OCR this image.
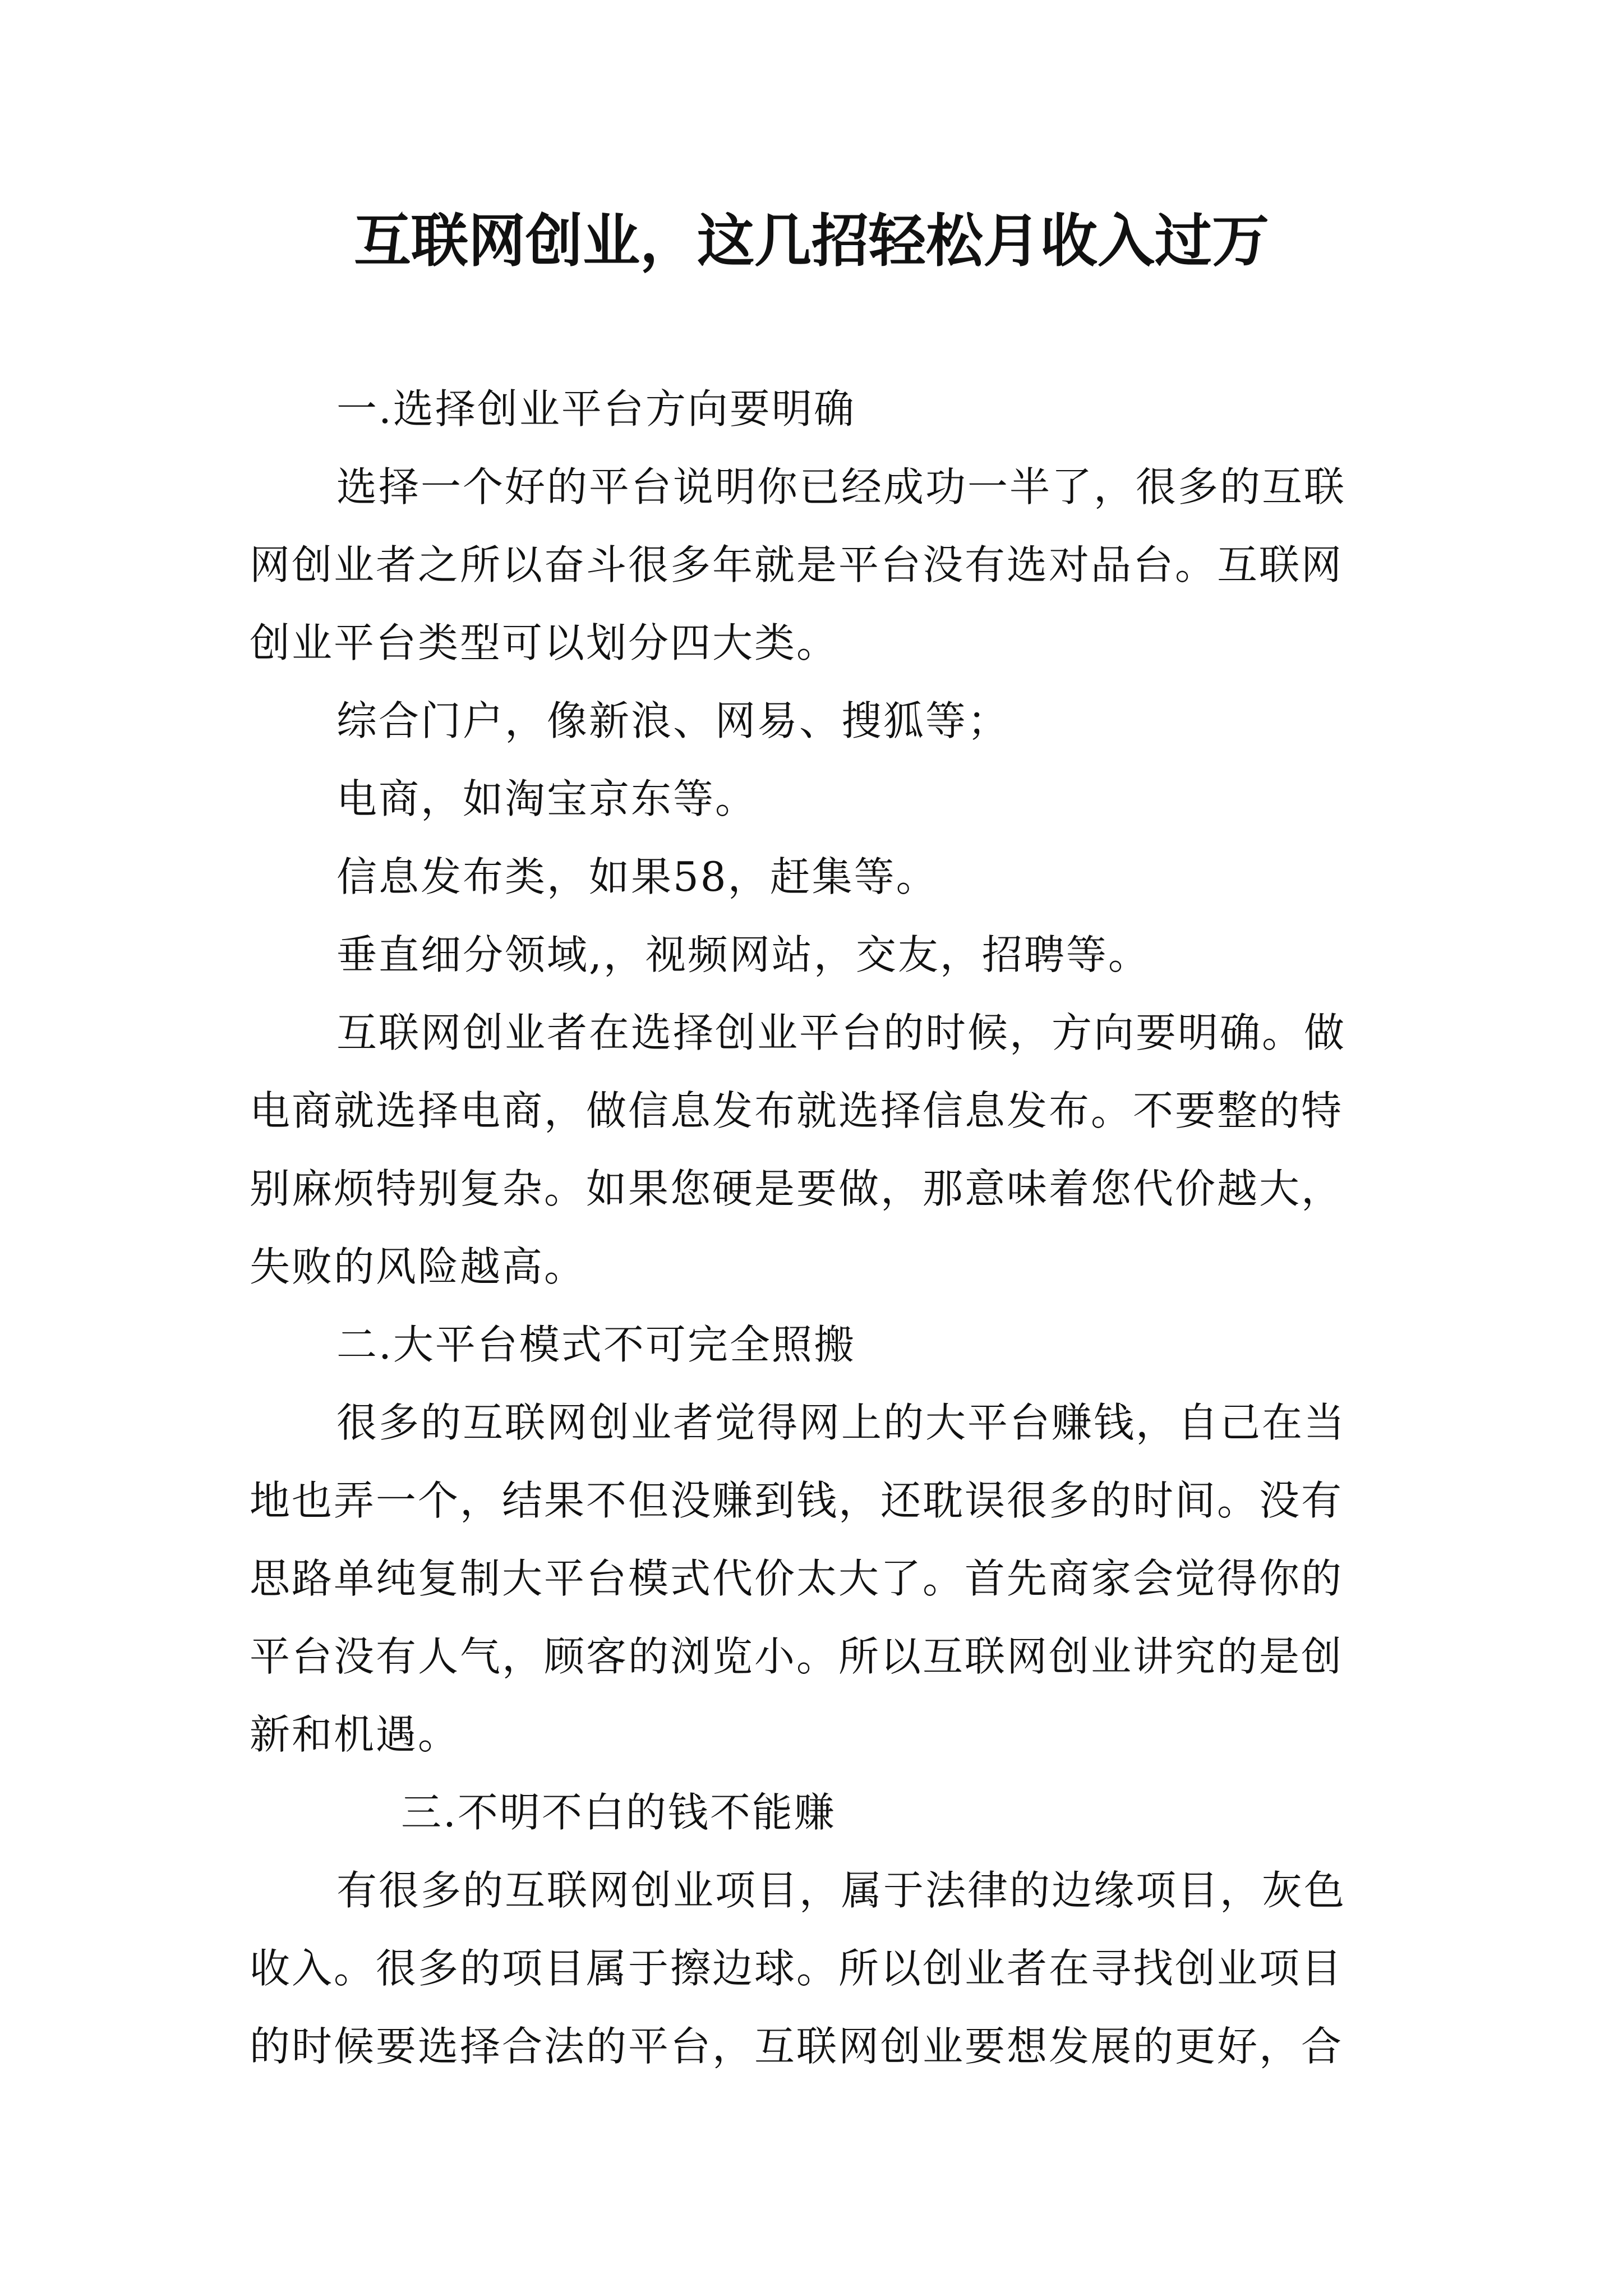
互联网创业，这几招轻松月收入过万
一.选择创业平台方向要明确
选择一个好的平台说明你已经成功一半了，很多的互联
网创业者之所以奋斗很多年就是平台没有选对品台。互联网
创业平台类型可以划分四大类。
综合门户，像新浪、网易、搜狐等；
电商，如淘宝京东等。
信息发布类，如果58，赶集等。
垂直细分领域,，视频网站，交友，招聘等。
互联网创业者在选择创业平台的时候，方向要明确。做
电商就选择电商，做信息发布就选择信息发布。不要整的特
别麻烦特别复杂。如果您硬是要做，那意味着您代价越大，
失败的风险越高。
二.大平台模式不可完全照搬
很多的互联网创业者觉得网上的大平台赚钱，自己在当
地也弄一个，结果不但没赚到钱，还耽误很多的时间。没有
思路单纯复制大平台模式代价太大了。首先商家会觉得你的
平台没有人气，顾客的浏览小。所以互联网创业讲究的是创
新和机遇。
三.不明不白的钱不能赚
有很多的互联网创业项目，属于法律的边缘项目，灰色
收入。很多的项目属于擦边球。所以创业者在寻找创业项目
的时候要选择合法的平台，互联网创业要想发展的更好，合
